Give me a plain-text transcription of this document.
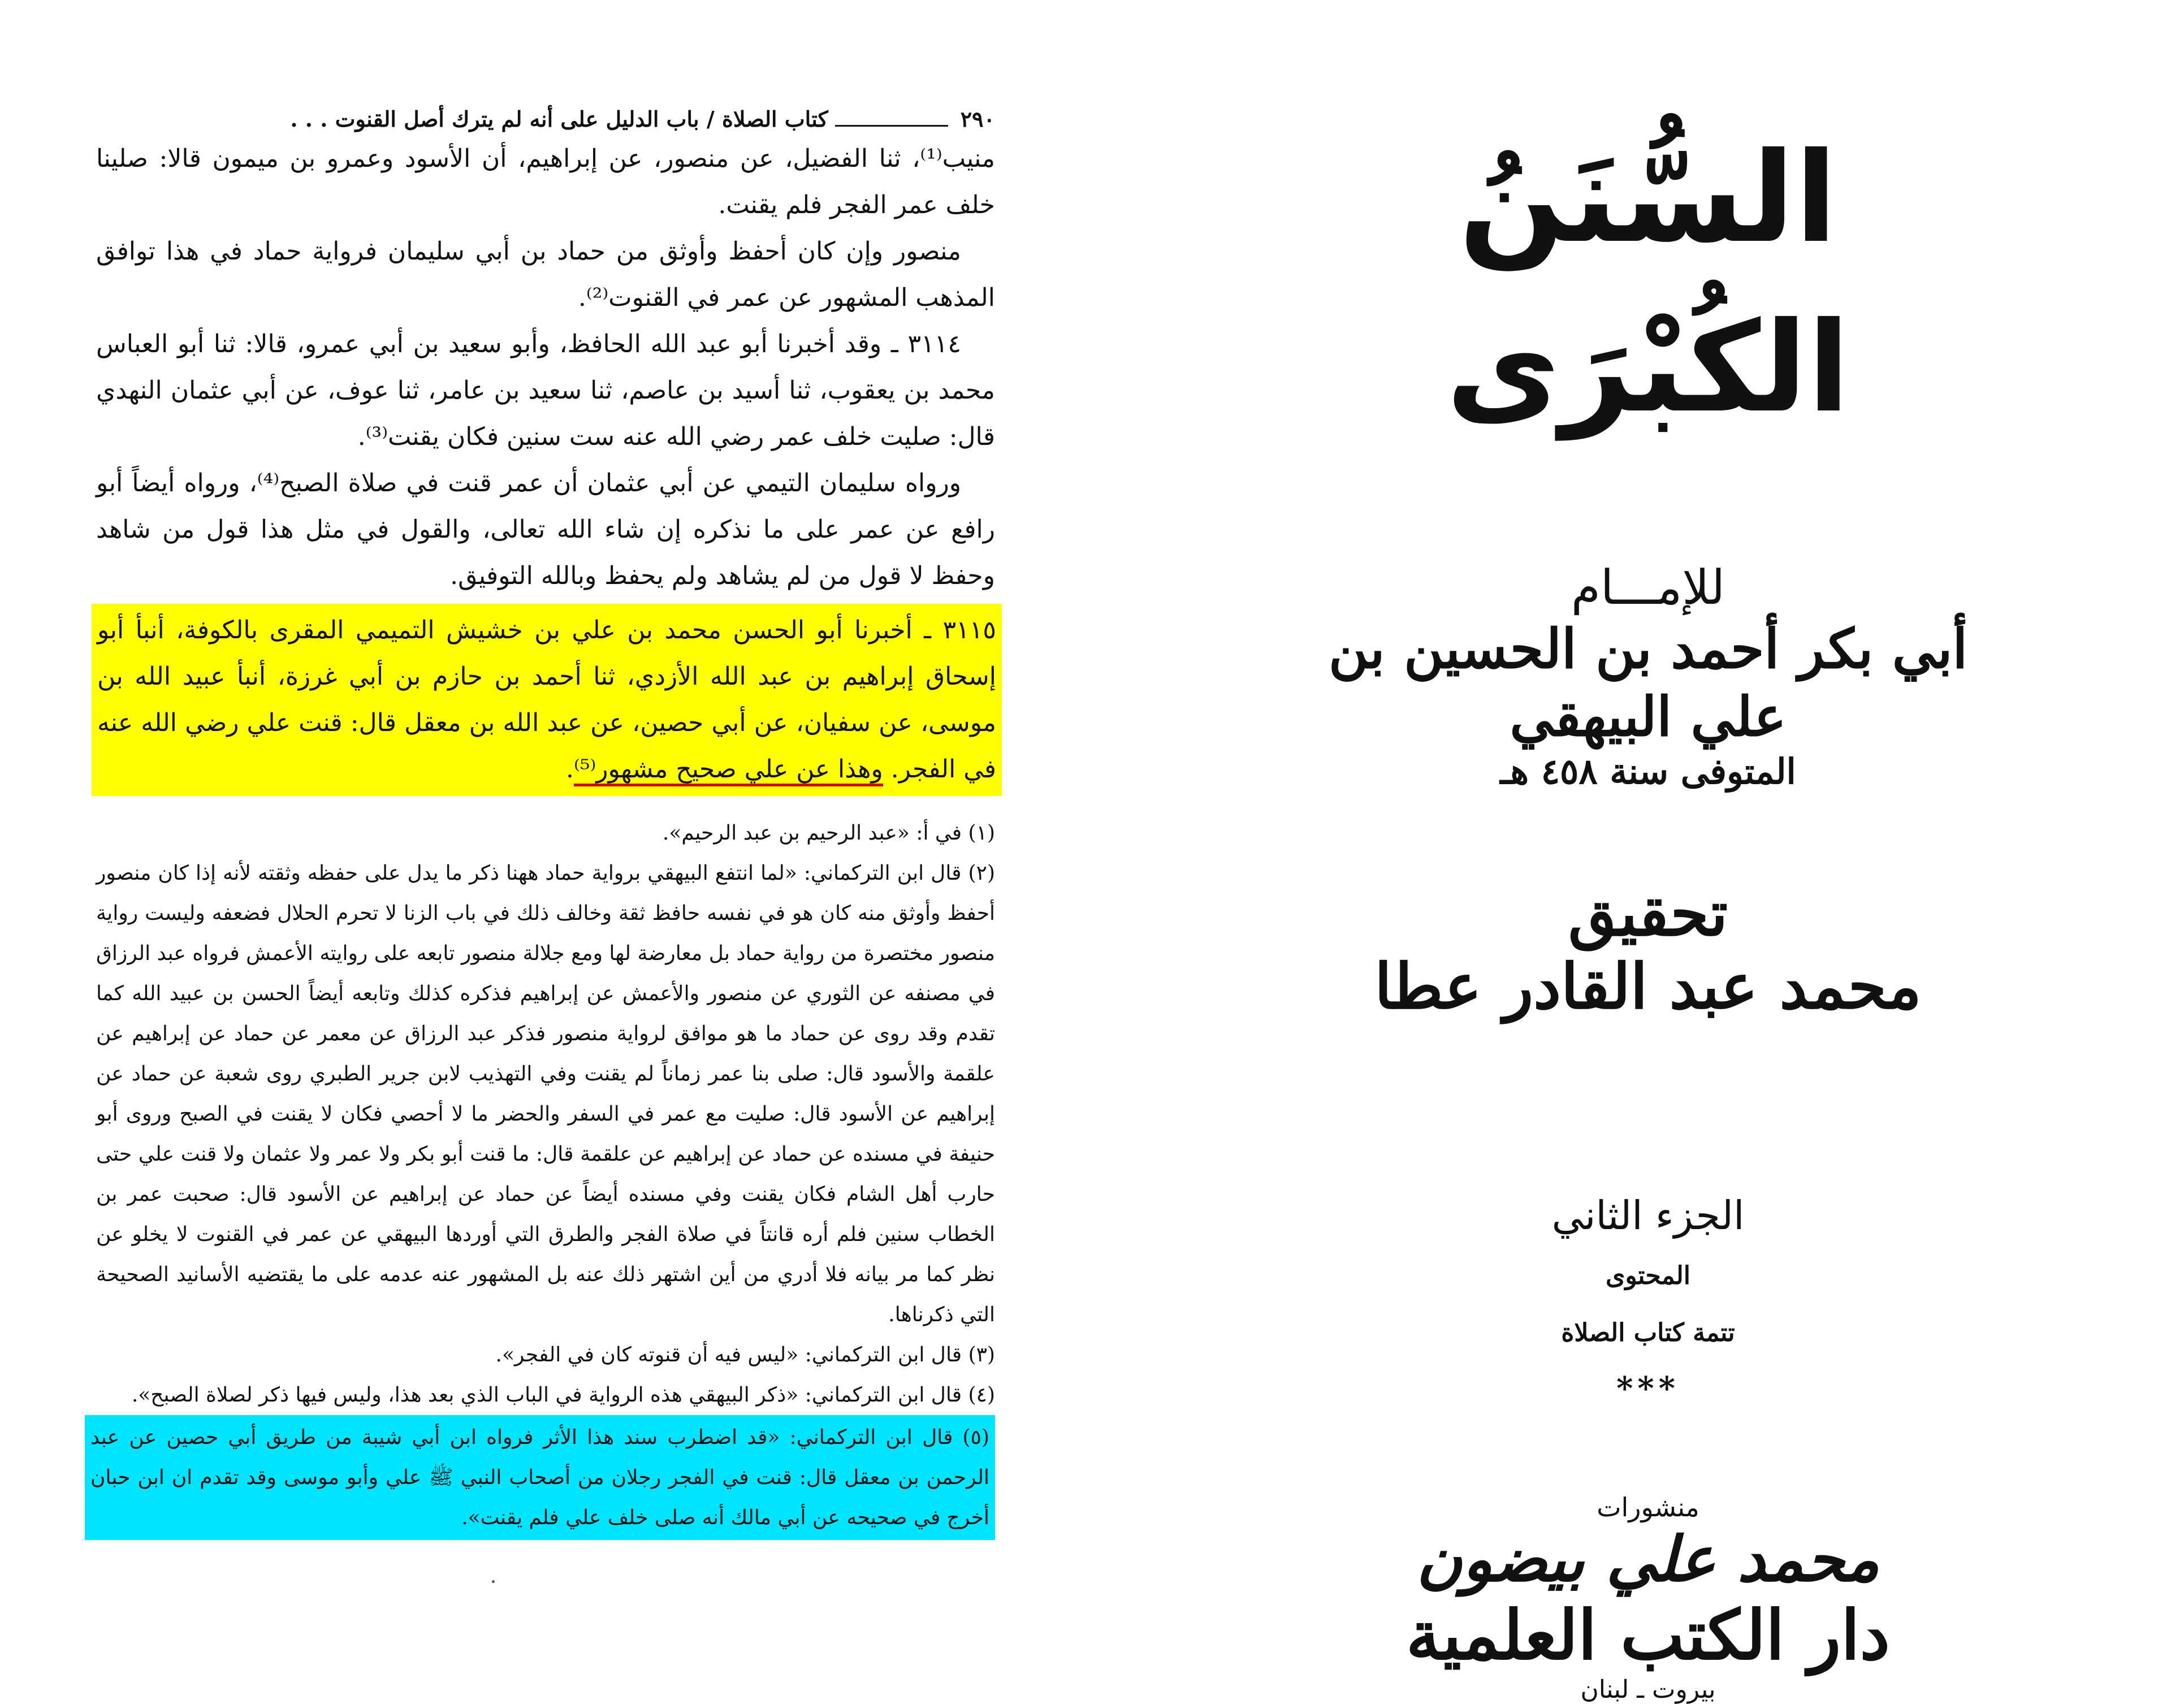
٢٩٠
كتاب الصلاة / باب الدليل على أنه لم يترك أصل القنوت . . .

منيب⁽¹⁾، ثنا الفضيل، عن منصور، عن إبراهيم، أن الأسود وعمرو بن ميمون قالا: صلينا خلف عمر الفجر فلم يقنت.

منصور وإن كان أحفظ وأوثق من حماد بن أبي سليمان فرواية حماد في هذا توافق المذهب المشهور عن عمر في القنوت⁽²⁾.

٣١١٤ ـ وقد أخبرنا أبو عبد الله الحافظ، وأبو سعيد بن أبي عمرو، قالا: ثنا أبو العباس محمد بن يعقوب، ثنا أسيد بن عاصم، ثنا سعيد بن عامر، ثنا عوف، عن أبي عثمان النهدي قال: صليت خلف عمر رضي الله عنه ست سنين فكان يقنت⁽³⁾.

ورواه سليمان التيمي عن أبي عثمان أن عمر قنت في صلاة الصبح⁽⁴⁾، ورواه أيضاً أبو رافع عن عمر على ما نذكره إن شاء الله تعالى، والقول في مثل هذا قول من شاهد وحفظ لا قول من لم يشاهد ولم يحفظ وبالله التوفيق.

٣١١٥ ـ أخبرنا أبو الحسن محمد بن علي بن خشيش التميمي المقرى بالكوفة، أنبأ أبو إسحاق إبراهيم بن عبد الله الأزدي، ثنا أحمد بن حازم بن أبي غرزة، أنبأ عبيد الله بن موسى، عن سفيان، عن أبي حصين، عن عبد الله بن معقل قال: قنت علي رضي الله عنه في الفجر. وهذا عن علي صحيح مشهور⁽⁵⁾.

(١) في أ: «عبد الرحيم بن عبد الرحيم».

(٢) قال ابن التركماني: «لما انتفع البيهقي برواية حماد ههنا ذكر ما يدل على حفظه وثقته لأنه إذا كان منصور أحفظ وأوثق منه كان هو في نفسه حافظ ثقة وخالف ذلك في باب الزنا لا تحرم الحلال فضعفه وليست رواية منصور مختصرة من رواية حماد بل معارضة لها ومع جلالة منصور تابعه على روايته الأعمش فرواه عبد الرزاق في مصنفه عن الثوري عن منصور والأعمش عن إبراهيم فذكره كذلك وتابعه أيضاً الحسن بن عبيد الله كما تقدم وقد روى عن حماد ما هو موافق لرواية منصور فذكر عبد الرزاق عن معمر عن حماد عن إبراهيم عن علقمة والأسود قال: صلى بنا عمر زماناً لم يقنت وفي التهذيب لابن جرير الطبري روى شعبة عن حماد عن إبراهيم عن الأسود قال: صليت مع عمر في السفر والحضر ما لا أحصي فكان لا يقنت في الصبح وروى أبو حنيفة في مسنده عن حماد عن إبراهيم عن علقمة قال: ما قنت أبو بكر ولا عمر ولا عثمان ولا قنت علي حتى حارب أهل الشام فكان يقنت وفي مسنده أيضاً عن حماد عن إبراهيم عن الأسود قال: صحبت عمر بن الخطاب سنين فلم أره قانتاً في صلاة الفجر والطرق التي أوردها البيهقي عن عمر في القنوت لا يخلو عن نظر كما مر بيانه فلا أدري من أين اشتهر ذلك عنه بل المشهور عنه عدمه على ما يقتضيه الأسانيد الصحيحة التي ذكرناها.

(٣) قال ابن التركماني: «ليس فيه أن قنوته كان في الفجر».

(٤) قال ابن التركماني: «ذكر البيهقي هذه الرواية في الباب الذي بعد هذا، وليس فيها ذكر لصلاة الصبح».

(٥) قال ابن التركماني: «قد اضطرب سند هذا الأثر فرواه ابن أبي شيبة من طريق أبي حصين عن عبد الرحمن بن معقل قال: قنت في الفجر رجلان من أصحاب النبي ﷺ علي وأبو موسى وقد تقدم ان ابن حبان أخرج في صحيحه عن أبي مالك أنه صلى خلف علي فلم يقنت».

السُّنَنُ الكُبْرَى
للإمـــام
أبي بكر أحمد بن الحسين بن علي البيهقي
المتوفى سنة ٤٥٨ هـ
تحقيق
محمد عبد القادر عطا
الجزء الثاني
المحتوى
تتمة كتاب الصلاة
***
منشورات
محمد علي بيضون
دار الكتب العلمية
بيروت ـ لبنان
